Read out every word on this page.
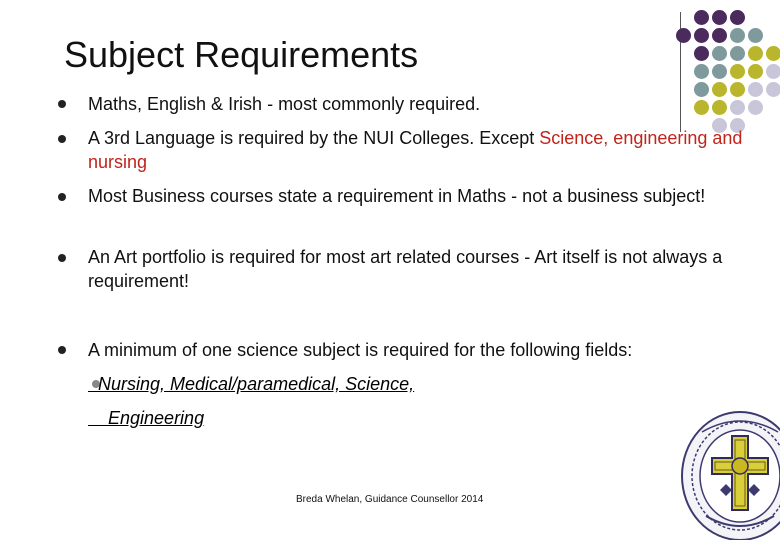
Subject Requirements
Maths, English & Irish - most commonly required.
A 3rd Language is required by the NUI Colleges. Except Science, engineering and nursing
Most Business courses state a requirement in Maths - not a business subject!
An Art portfolio is required for most art related courses - Art itself is not always a requirement!
A minimum of one science subject is required for the following fields:
Nursing, Medical/paramedical, Science,
Engineering
Breda Whelan, Guidance Counsellor 2014
